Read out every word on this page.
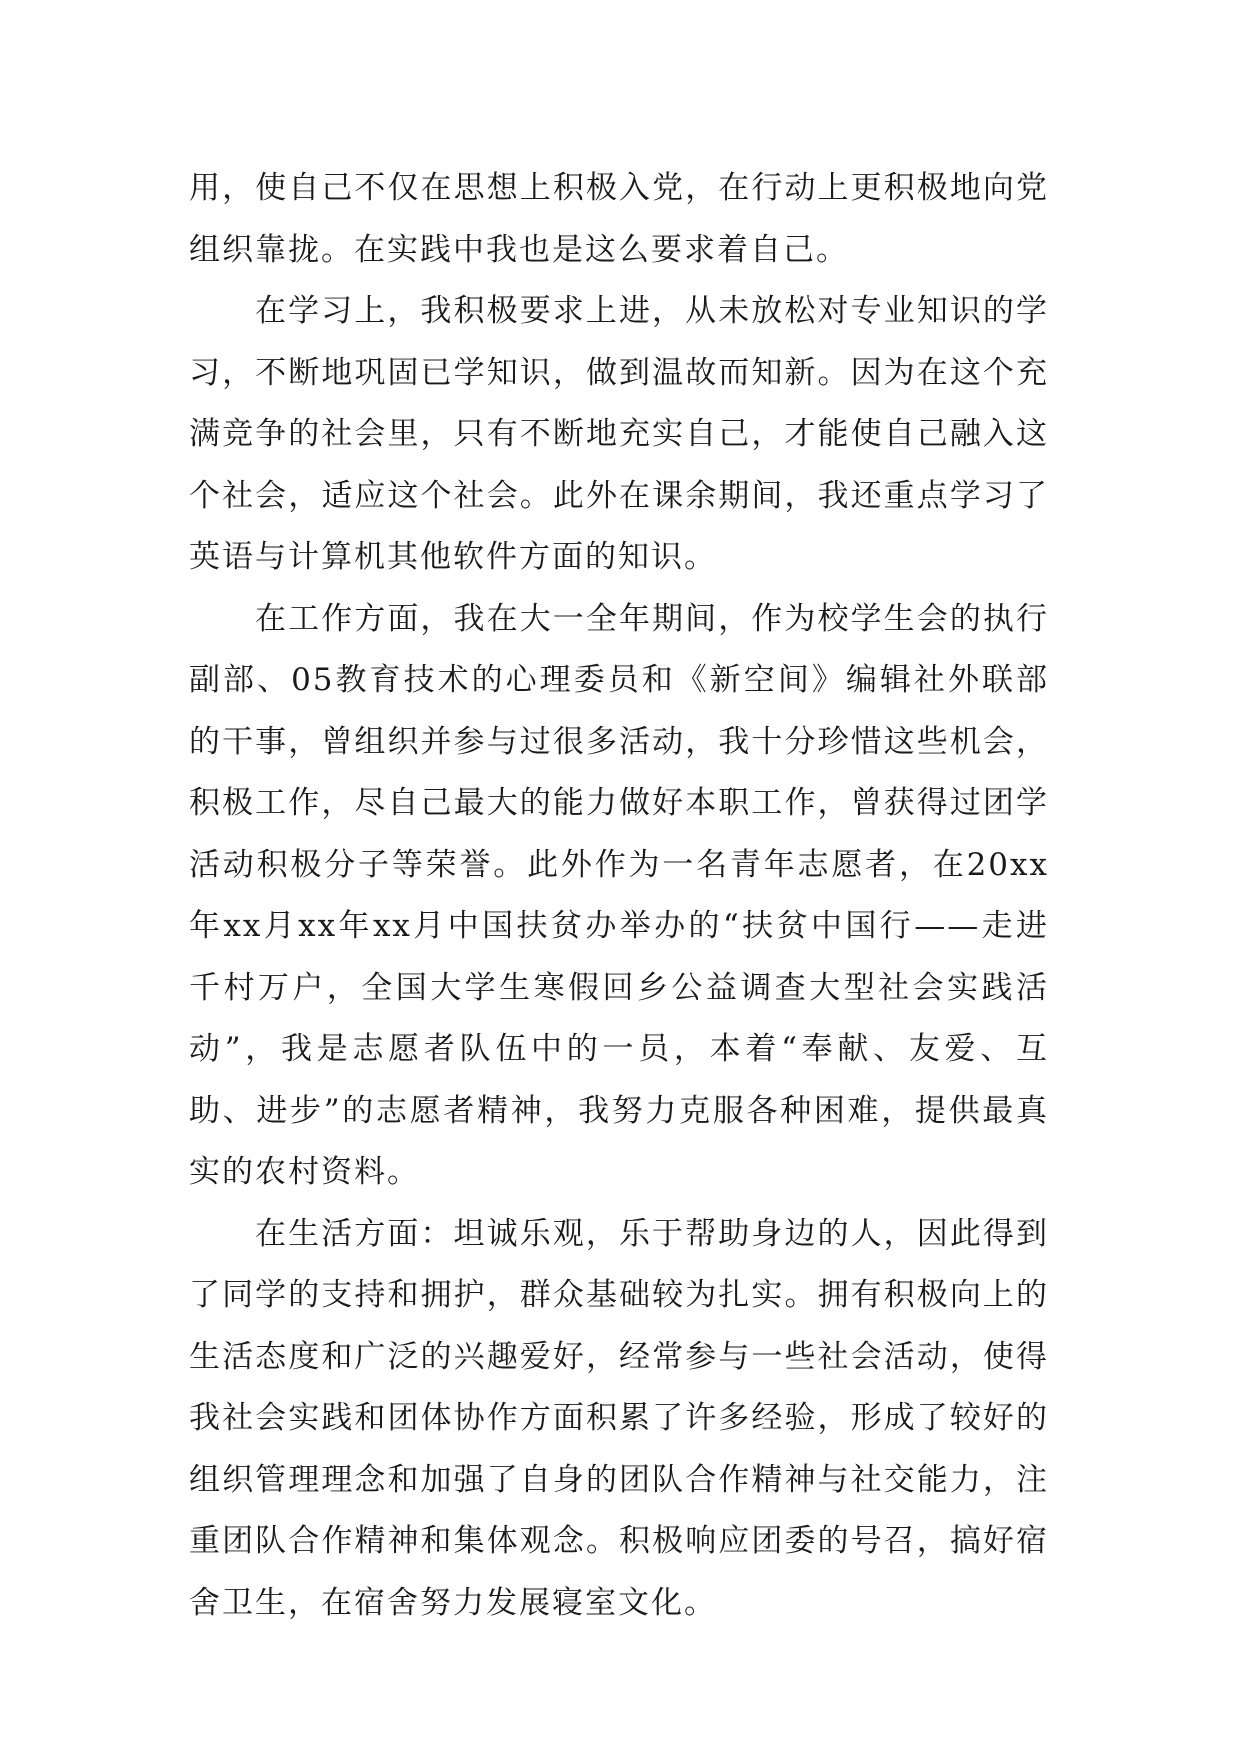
用，使自己不仅在思想上积极入党，在行动上更积极地向党组织靠拢。在实践中我也是这么要求着自己。

在学习上，我积极要求上进，从未放松对专业知识的学习，不断地巩固已学知识，做到温故而知新。因为在这个充满竞争的社会里，只有不断地充实自己，才能使自己融入这个社会，适应这个社会。此外在课余期间，我还重点学习了英语与计算机其他软件方面的知识。

在工作方面，我在大一全年期间，作为校学生会的执行副部、05教育技术的心理委员和《新空间》编辑社外联部的干事，曾组织并参与过很多活动，我十分珍惜这些机会，积极工作，尽自己最大的能力做好本职工作，曾获得过团学活动积极分子等荣誉。此外作为一名青年志愿者，在20xx年xx月xx年xx月中国扶贫办举办的“扶贫中国行——走进千村万户，全国大学生寒假回乡公益调查大型社会实践活动”，我是志愿者队伍中的一员，本着“奉献、友爱、互助、进步”的志愿者精神，我努力克服各种困难，提供最真实的农村资料。

在生活方面：坦诚乐观，乐于帮助身边的人，因此得到了同学的支持和拥护，群众基础较为扎实。拥有积极向上的生活态度和广泛的兴趣爱好，经常参与一些社会活动，使得我社会实践和团体协作方面积累了许多经验，形成了较好的组织管理理念和加强了自身的团队合作精神与社交能力，注重团队合作精神和集体观念。积极响应团委的号召，搞好宿舍卫生，在宿舍努力发展寝室文化。
